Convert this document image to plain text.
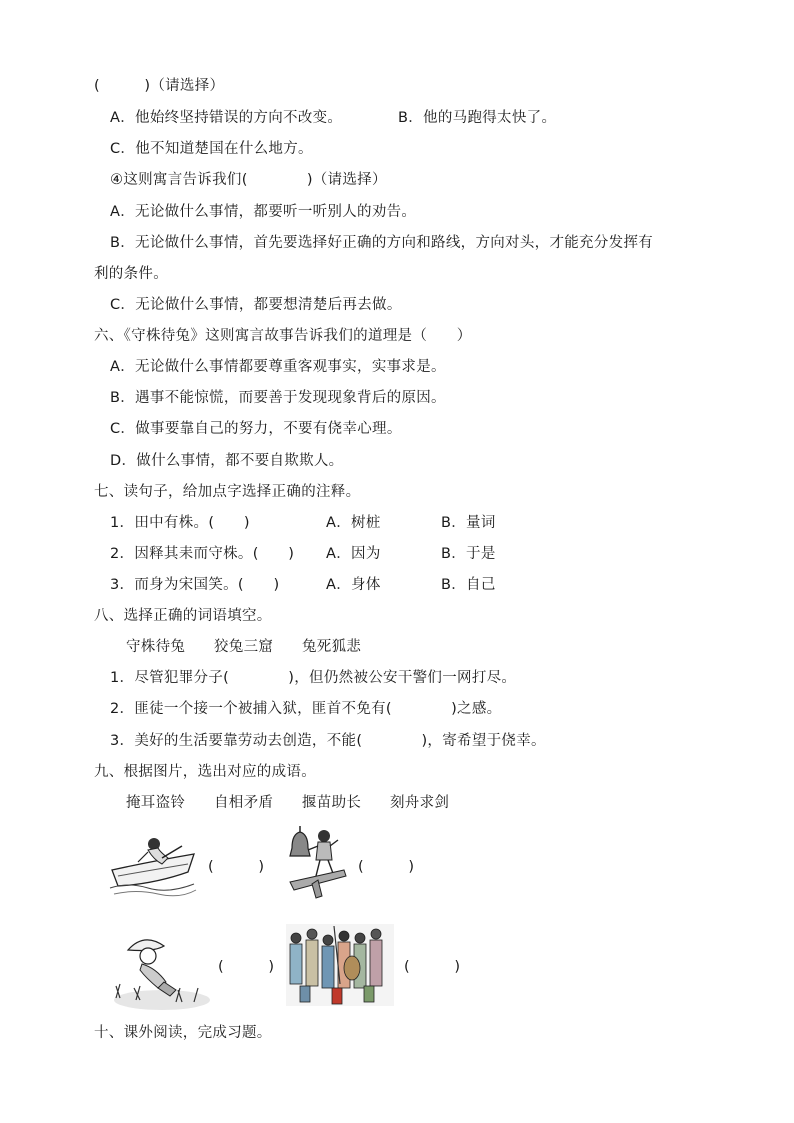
(　　　)（请选择）
A．他始终坚持错误的方向不改变。	B．他的马跑得太快了。
C．他不知道楚国在什么地方。
④这则寓言告诉我们(　　　　)（请选择）
A．无论做什么事情，都要听一听别人的劝告。
B．无论做什么事情，首先要选择好正确的方向和路线，方向对头，才能充分发挥有
利的条件。
C．无论做什么事情，都要想清楚后再去做。
六、《守株待兔》这则寓言故事告诉我们的道理是（　　）
A．无论做什么事情都要尊重客观事实，实事求是。
B．遇事不能惊慌，而要善于发现现象背后的原因。
C．做事要靠自己的努力，不要有侥幸心理。
D．做什么事情，都不要自欺欺人。
七、读句子，给加点字选择正确的注释。
1．田中有株。(　　)	A．树桩	B．量词
2．因释其耒而守株。(　　) A．因为	B．于是
3．而身为宋国笑。(　　)	A．身体	B．自己
八、选择正确的词语填空。
守株待兔 狡兔三窟 兔死狐悲
1．尽管犯罪分子(　　　　)，但仍然被公安干警们一网打尽。
2．匪徒一个接一个被捕入狱，匪首不免有(　　　　)之感。
3．美好的生活要靠劳动去创造，不能(　　　　)，寄希望于侥幸。
九、根据图片，选出对应的成语。
掩耳盗铃 自相矛盾 揠苗助长 刻舟求剑
(　　　)	(　　　)
(　　　)	(　　　)
十、课外阅读，完成习题。
